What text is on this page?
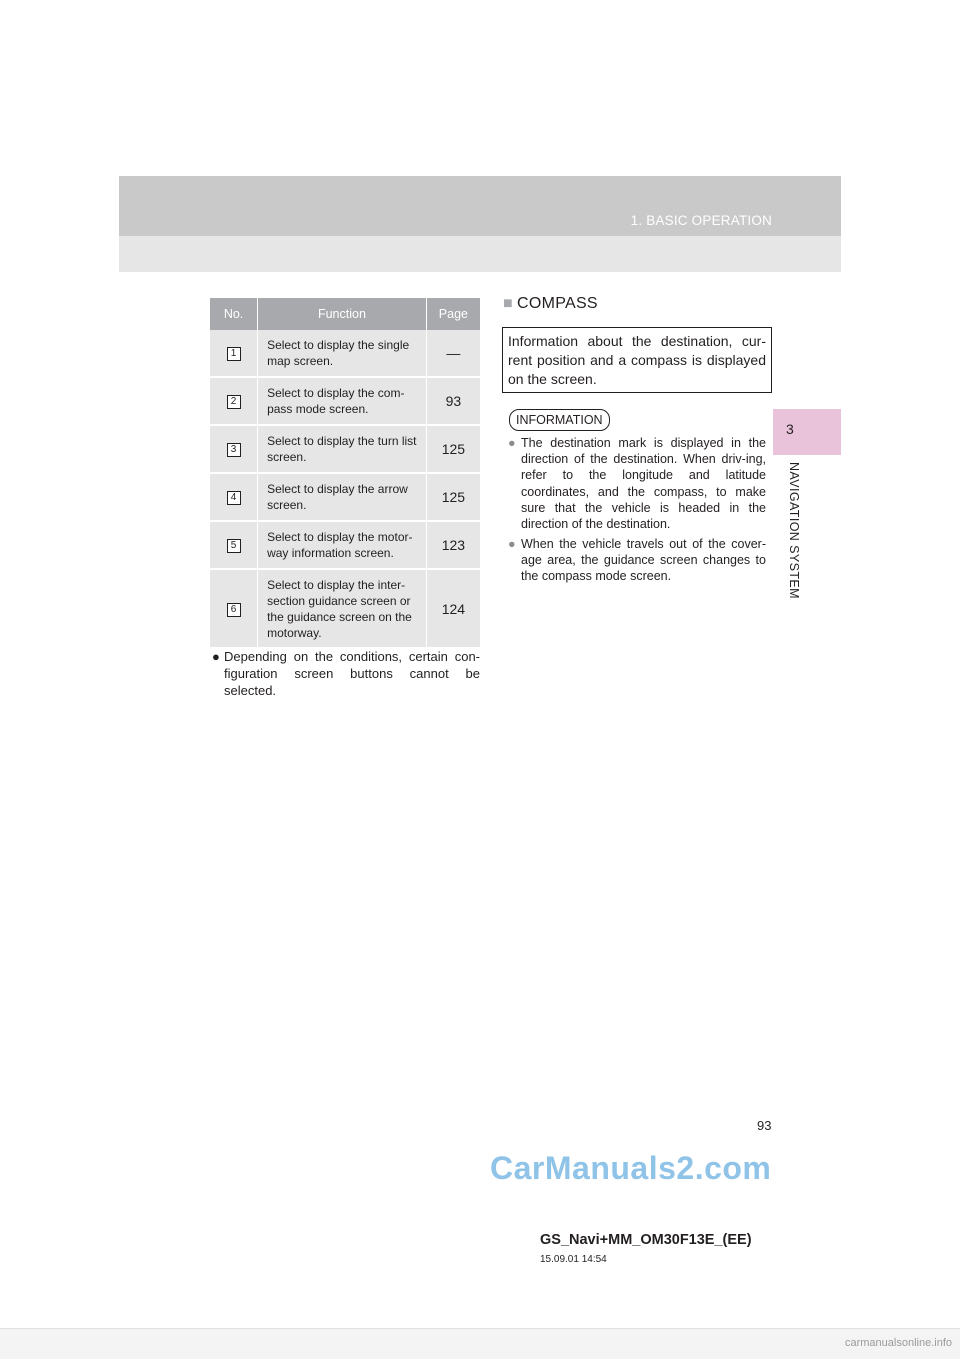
1. BASIC OPERATION
3
NAVIGATION SYSTEM
No.	Function	Page
1	Select to display the single map screen.	—
2	Select to display the com-pass mode screen.	93
3	Select to display the turn list screen.	125
4	Select to display the arrow screen.	125
5	Select to display the motor-way information screen.	123
6	Select to display the inter-section guidance screen or the guidance screen on the motorway.	124
● Depending on the conditions, certain con-figuration screen buttons cannot be selected.
■ COMPASS
Information about the destination, cur-rent position and a compass is displayed on the screen.
INFORMATION
● The destination mark is displayed in the direction of the destination. When driv-ing, refer to the longitude and latitude coordinates, and the compass, to make sure that the vehicle is headed in the direction of the destination.
● When the vehicle travels out of the cover-age area, the guidance screen changes to the compass mode screen.
93
CarManuals2.com
GS_Navi+MM_OM30F13E_(EE)
15.09.01 14:54
carmanualsonline.info
